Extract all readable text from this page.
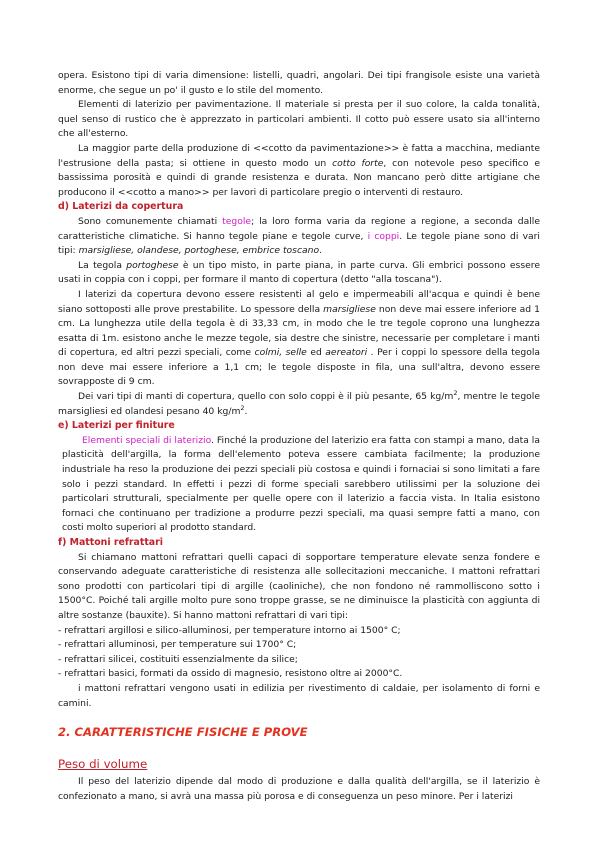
opera. Esistono tipi di varia dimensione: listelli, quadri, angolari. Dei tipi frangisole esiste una varietà enorme, che segue un po' il gusto e lo stile del momento.

Elementi di laterizio per pavimentazione. Il materiale si presta per il suo colore, la calda tonalità, quel senso di rustico che è apprezzato in particolari ambienti. Il cotto può essere usato sia all'interno che all'esterno.

La maggior parte della produzione di <<cotto da pavimentazione>> è fatta a macchina, mediante l'estrusione della pasta; si ottiene in questo modo un cotto forte, con notevole peso specifico e bassissima porosità e quindi di grande resistenza e durata. Non mancano però ditte artigiane che producono il <<cotto a mano>> per lavori di particolare pregio o interventi di restauro.

d) Laterizi da copertura

Sono comunemente chiamati tegole; la loro forma varia da regione a regione, a seconda dalle caratteristiche climatiche. Si hanno tegole piane e tegole curve, i coppi. Le tegole piane sono di vari tipi: marsigliese, olandese, portoghese, embrice toscano.

La tegola portoghese è un tipo misto, in parte piana, in parte curva. Gli embrici possono essere usati in coppia con i coppi, per formare il manto di copertura (detto "alla toscana").

I laterizi da copertura devono essere resistenti al gelo e impermeabili all'acqua e quindi è bene siano sottoposti alle prove prestabilite. Lo spessore della marsigliese non deve mai essere inferiore ad 1 cm. La lunghezza utile della tegola è di 33,33 cm, in modo che le tre tegole coprono una lunghezza esatta di 1m. esistono anche le mezze tegole, sia destre che sinistre, necessarie per completare i manti di copertura, ed altri pezzi speciali, come colmi, selle ed aereatori . Per i coppi lo spessore della tegola non deve mai essere inferiore a 1,1 cm; le tegole disposte in fila, una sull'altra, devono essere sovrapposte di 9 cm.

Dei vari tipi di manti di copertura, quello con solo coppi è il più pesante, 65 $kg/m^2$, mentre le tegole marsigliesi ed olandesi pesano 40 $kg/m^2$.

e) Laterizi per finiture

Elementi speciali di laterizio. Finché la produzione del laterizio era fatta con stampi a mano, data la plasticità dell'argilla, la forma dell'elemento poteva essere cambiata facilmente; la produzione industriale ha reso la produzione dei pezzi speciali più costosa e quindi i fornaciai si sono limitati a fare solo i pezzi standard. In effetti i pezzi di forme speciali sarebbero utilissimi per la soluzione dei particolari strutturali, specialmente per quelle opere con il laterizio a faccia vista. In Italia esistono fornaci che continuano per tradizione a produrre pezzi speciali, ma quasi sempre fatti a mano, con costi molto superiori al prodotto standard.

f) Mattoni refrattari

Si chiamano mattoni refrattari quelli capaci di sopportare temperature elevate senza fondere e conservando adeguate caratteristiche di resistenza alle sollecitazioni meccaniche. I mattoni refrattari sono prodotti con particolari tipi di argille (caoliniche), che non fondono né rammolliscono sotto i 1500°C. Poiché tali argille molto pure sono troppe grasse, se ne diminuisce la plasticità con aggiunta di altre sostanze (bauxite). Si hanno mattoni refrattari di vari tipi:

- refrattari argillosi e silico-alluminosi, per temperature intorno ai 1500° C;
- refrattari alluminosi, per temperature sui 1700° C;
- refrattari silicei, costituiti essenzialmente da silice;
- refrattari basici, formati da ossido di magnesio, resistono oltre ai 2000°C.

i mattoni refrattari vengono usati in edilizia per rivestimento di caldaie, per isolamento di forni e camini.

2. CARATTERISTICHE FISICHE E PROVE

Peso di volume

Il peso del laterizio dipende dal modo di produzione e dalla qualità dell'argilla, se il laterizio è confezionato a mano, si avrà una massa più porosa e di conseguenza un peso minore. Per i laterizi
